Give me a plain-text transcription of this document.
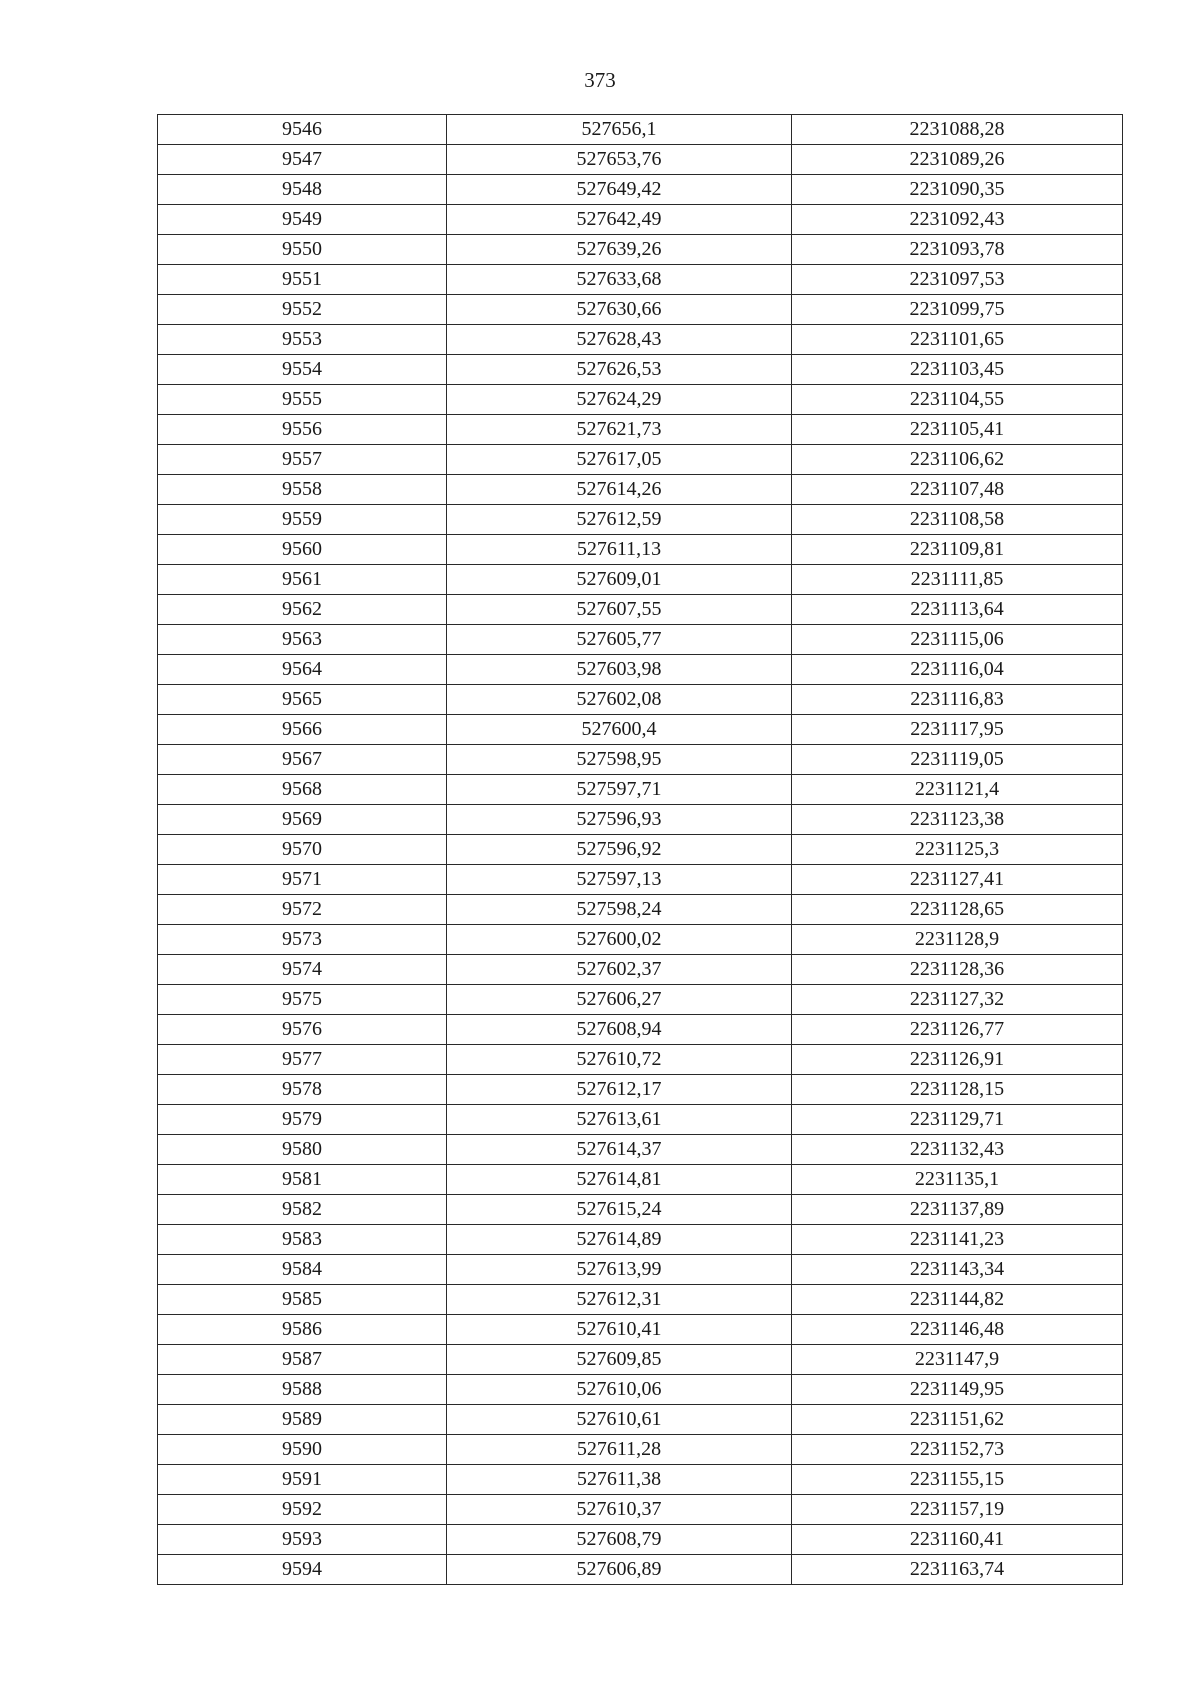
373
9546	527656,1	2231088,28
9547	527653,76	2231089,26
9548	527649,42	2231090,35
9549	527642,49	2231092,43
9550	527639,26	2231093,78
9551	527633,68	2231097,53
9552	527630,66	2231099,75
9553	527628,43	2231101,65
9554	527626,53	2231103,45
9555	527624,29	2231104,55
9556	527621,73	2231105,41
9557	527617,05	2231106,62
9558	527614,26	2231107,48
9559	527612,59	2231108,58
9560	527611,13	2231109,81
9561	527609,01	2231111,85
9562	527607,55	2231113,64
9563	527605,77	2231115,06
9564	527603,98	2231116,04
9565	527602,08	2231116,83
9566	527600,4	2231117,95
9567	527598,95	2231119,05
9568	527597,71	2231121,4
9569	527596,93	2231123,38
9570	527596,92	2231125,3
9571	527597,13	2231127,41
9572	527598,24	2231128,65
9573	527600,02	2231128,9
9574	527602,37	2231128,36
9575	527606,27	2231127,32
9576	527608,94	2231126,77
9577	527610,72	2231126,91
9578	527612,17	2231128,15
9579	527613,61	2231129,71
9580	527614,37	2231132,43
9581	527614,81	2231135,1
9582	527615,24	2231137,89
9583	527614,89	2231141,23
9584	527613,99	2231143,34
9585	527612,31	2231144,82
9586	527610,41	2231146,48
9587	527609,85	2231147,9
9588	527610,06	2231149,95
9589	527610,61	2231151,62
9590	527611,28	2231152,73
9591	527611,38	2231155,15
9592	527610,37	2231157,19
9593	527608,79	2231160,41
9594	527606,89	2231163,74
